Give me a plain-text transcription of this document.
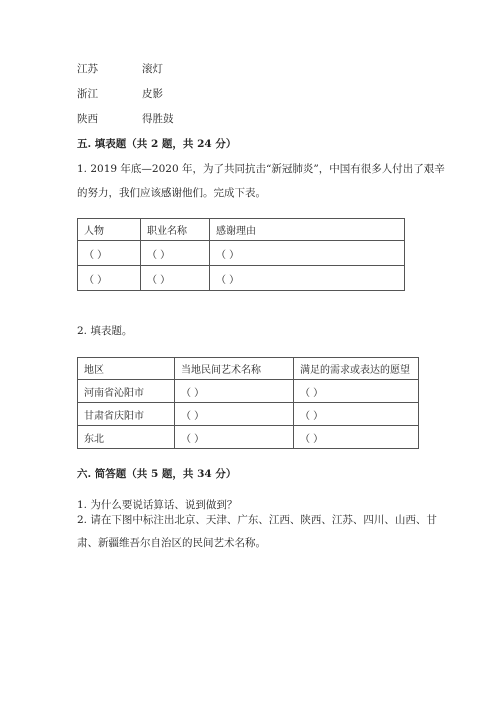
江苏	滚灯
浙江	皮影
陕西	得胜鼓
五. 填表题（共 2 题，共 24 分）
1. 2019 年底—2020 年，为了共同抗击“新冠肺炎”，中国有很多人付出了艰辛
的努力，我们应该感谢他们。完成下表。
人物	职业名称	感谢理由
（ ）	（ ）	（ ）
（ ）	（ ）	（ ）
2. 填表题。
地区	当地民间艺术名称	满足的需求或表达的愿望
河南省沁阳市	（ ）	（ ）
甘肃省庆阳市	（ ）	（ ）
东北	（ ）	（ ）
六. 简答题（共 5 题，共 34 分）
1. 为什么要说话算话、说到做到？
2. 请在下图中标注出北京、天津、广东、江西、陕西、江苏、四川、山西、甘
肃、新疆维吾尔自治区的民间艺术名称。
